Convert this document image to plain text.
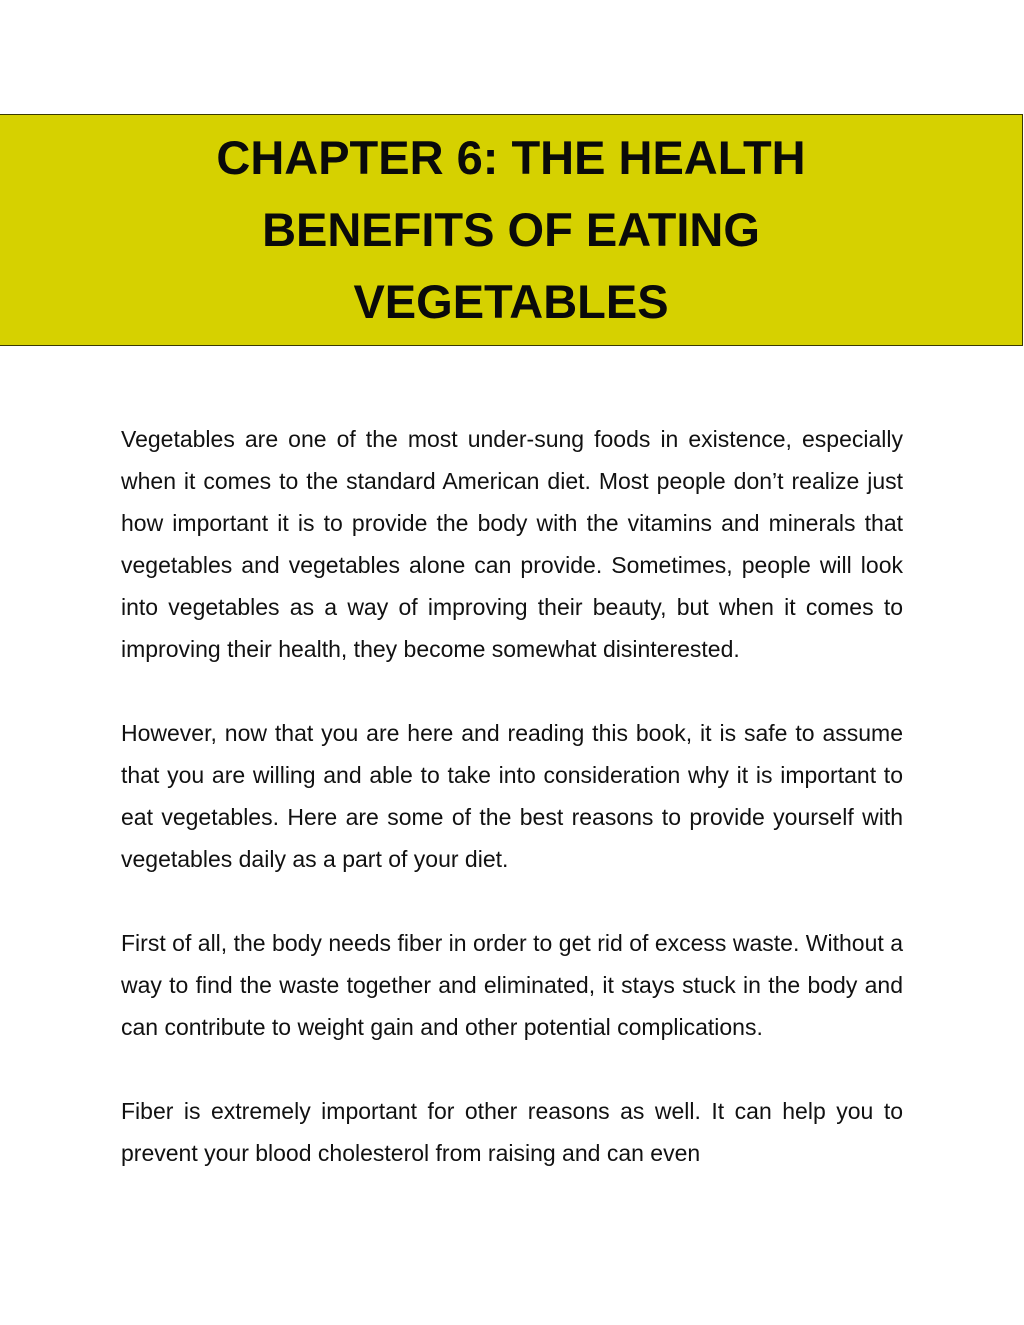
CHAPTER 6: THE HEALTH BENEFITS OF EATING VEGETABLES

Vegetables are one of the most under-sung foods in existence, especially when it comes to the standard American diet. Most people don’t realize just how important it is to provide the body with the vitamins and minerals that vegetables and vegetables alone can provide. Sometimes, people will look into vegetables as a way of improving their beauty, but when it comes to improving their health, they become somewhat disinterested.

However, now that you are here and reading this book, it is safe to assume that you are willing and able to take into consideration why it is important to eat vegetables. Here are some of the best reasons to provide yourself with vegetables daily as a part of your diet.

First of all, the body needs fiber in order to get rid of excess waste. Without a way to find the waste together and eliminated, it stays stuck in the body and can contribute to weight gain and other potential complications.

Fiber is extremely important for other reasons as well. It can help you to prevent your blood cholesterol from raising and can even
